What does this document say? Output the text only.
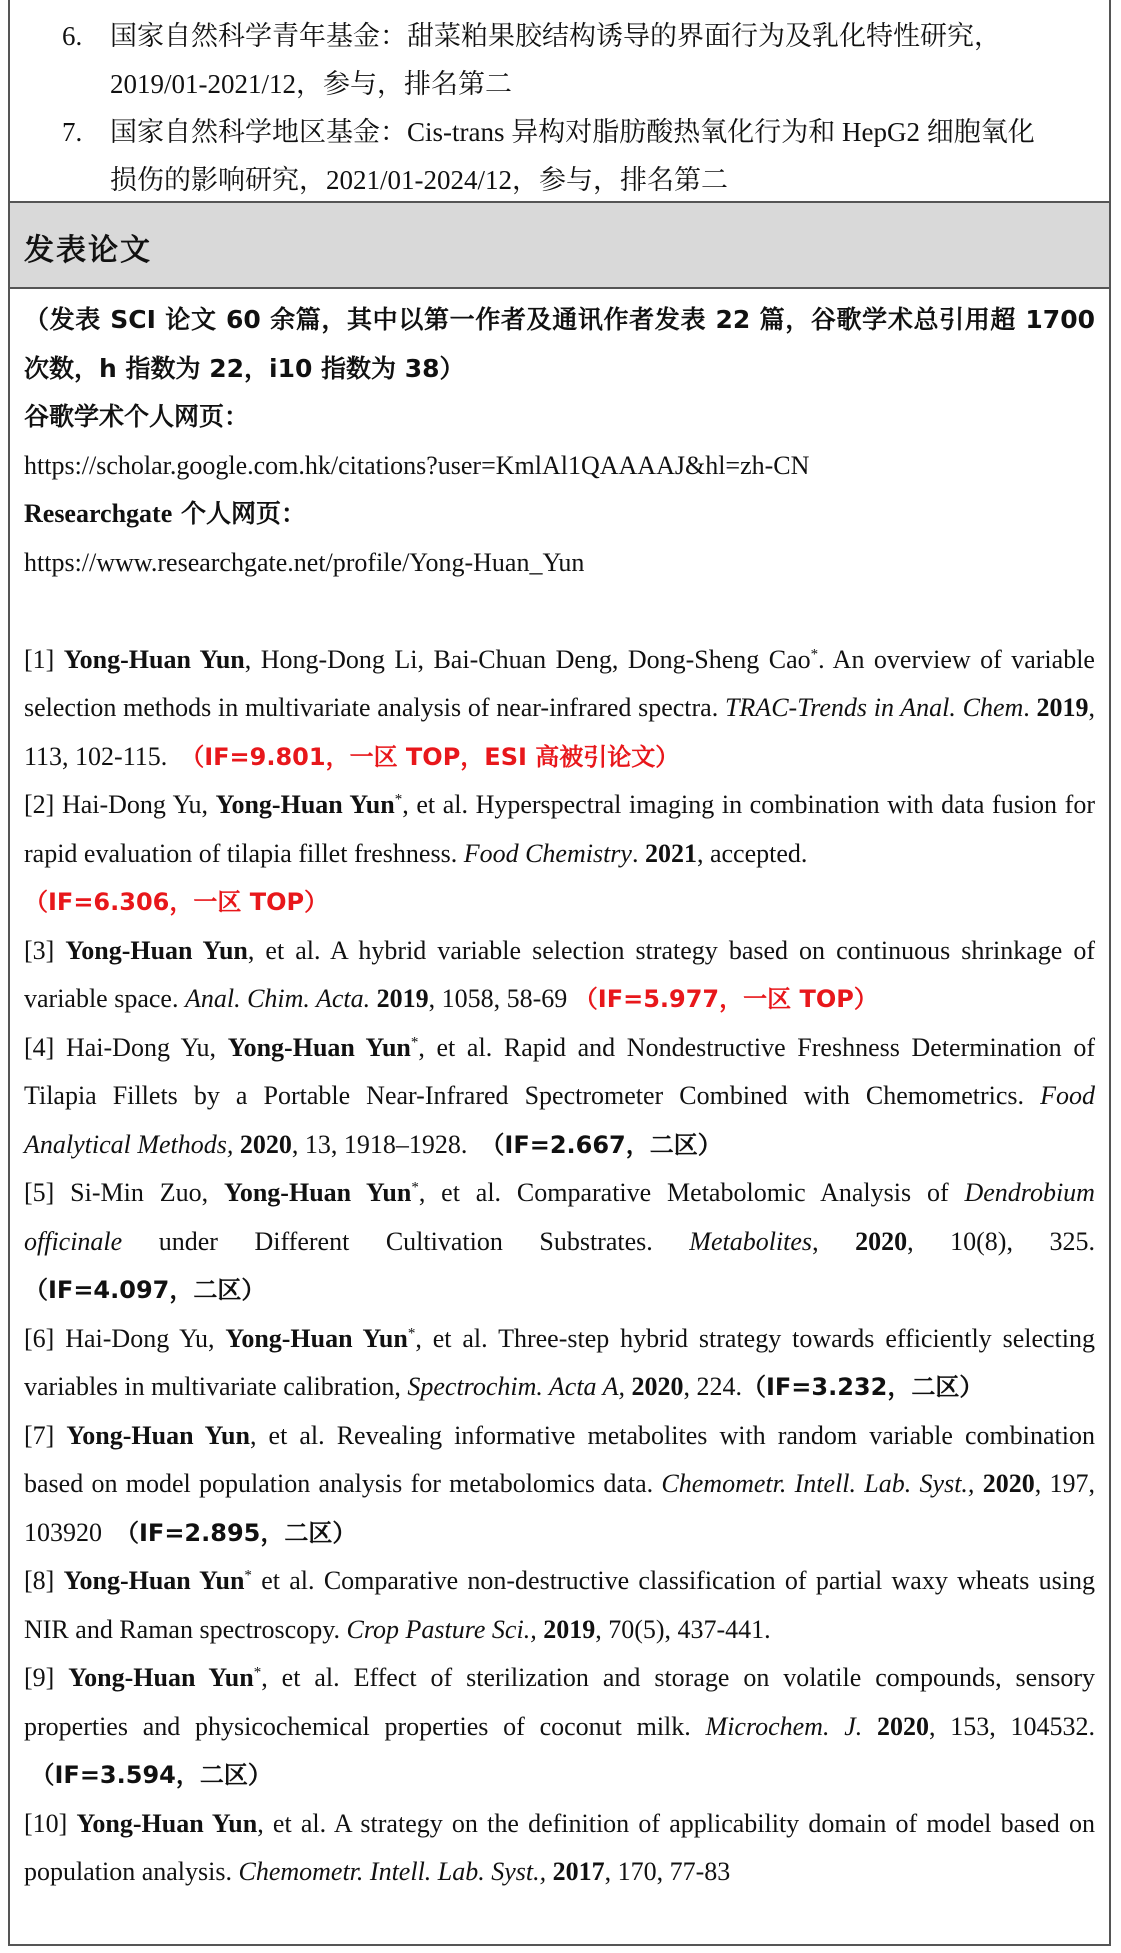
6.	国家自然科学青年基金：甜菜粕果胶结构诱导的界面行为及乳化特性研究，
2019/01-2021/12，参与，排名第二
7.	国家自然科学地区基金：Cis-trans 异构对脂肪酸热氧化行为和 HepG2 细胞氧化
损伤的影响研究，2021/01-2024/12，参与，排名第二
发表论文
（发表 SCI 论文 60 余篇，其中以第一作者及通讯作者发表 22 篇，谷歌学术总引用超 1700 次数，h 指数为 22，i10 指数为 38）
谷歌学术个人网页：
https://scholar.google.com.hk/citations?user=KmlAl1QAAAAJ&hl=zh-CN
Researchgate 个人网页：
https://www.researchgate.net/profile/Yong-Huan_Yun
[1] Yong-Huan Yun, Hong-Dong Li, Bai-Chuan Deng, Dong-Sheng Cao*. An overview of variable selection methods in multivariate analysis of near-infrared spectra. TRAC-Trends in Anal. Chem. 2019, 113, 102-115. （IF=9.801，一区 TOP，ESI 高被引论文）
[2] Hai-Dong Yu, Yong-Huan Yun*, et al. Hyperspectral imaging in combination with data fusion for rapid evaluation of tilapia fillet freshness. Food Chemistry. 2021, accepted.
（IF=6.306，一区 TOP）
[3] Yong-Huan Yun, et al. A hybrid variable selection strategy based on continuous shrinkage of variable space. Anal. Chim. Acta. 2019, 1058, 58-69 （IF=5.977，一区 TOP）
[4] Hai-Dong Yu, Yong-Huan Yun*, et al. Rapid and Nondestructive Freshness Determination of Tilapia Fillets by a Portable Near-Infrared Spectrometer Combined with Chemometrics. Food Analytical Methods, 2020, 13, 1918–1928. （IF=2.667，二区）
[5] Si-Min Zuo, Yong-Huan Yun*, et al. Comparative Metabolomic Analysis of Dendrobium officinale under Different Cultivation Substrates. Metabolites, 2020, 10(8), 325.（IF=4.097，二区）
[6] Hai-Dong Yu, Yong-Huan Yun*, et al. Three-step hybrid strategy towards efficiently selecting variables in multivariate calibration, Spectrochim. Acta A, 2020, 224.（IF=3.232，二区）
[7] Yong-Huan Yun, et al. Revealing informative metabolites with random variable combination based on model population analysis for metabolomics data. Chemometr. Intell. Lab. Syst., 2020, 197, 103920  （IF=2.895，二区）
[8] Yong-Huan Yun* et al. Comparative non-destructive classification of partial waxy wheats using NIR and Raman spectroscopy. Crop Pasture Sci., 2019, 70(5), 437-441.
[9] Yong-Huan Yun*, et al. Effect of sterilization and storage on volatile compounds, sensory properties and physicochemical properties of coconut milk. Microchem. J. 2020, 153, 104532.  （IF=3.594，二区）
[10] Yong-Huan Yun, et al. A strategy on the definition of applicability domain of model based on population analysis. Chemometr. Intell. Lab. Syst., 2017, 170, 77-83
